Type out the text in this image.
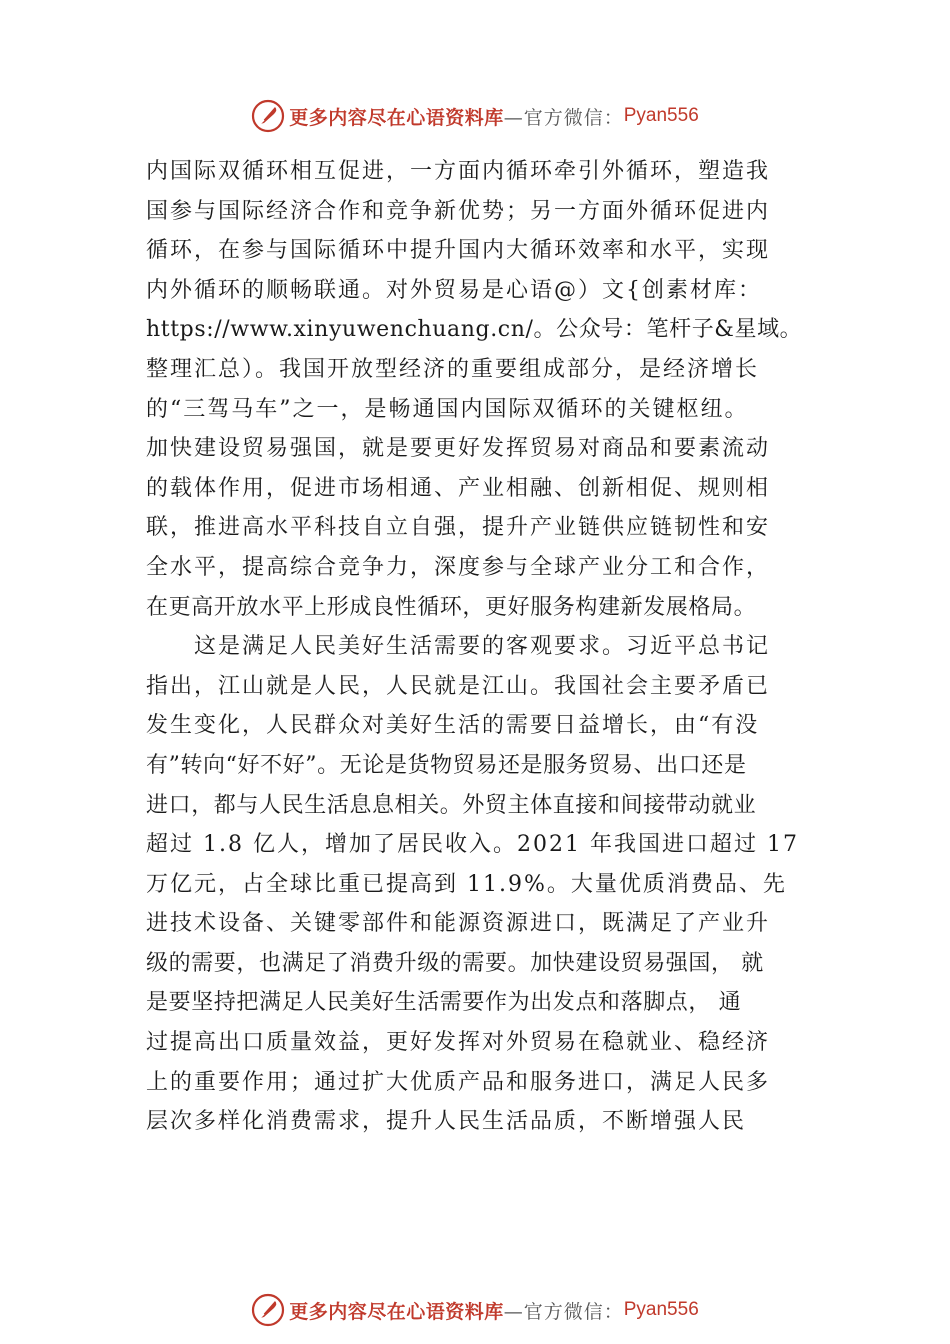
更多内容尽在心语资料库 —官方微信： Pyan556
内国际双循环相互促进，一方面内循环牵引外循环，塑造我
国参与国际经济合作和竞争新优势；另一方面外循环促进内
循环，在参与国际循环中提升国内大循环效率和水平，实现
内外循环的顺畅联通。对外贸易是心语@）文{创素材库：
https://www.xinyuwenchuang.cn/。公众号：笔杆子&星域。
整理汇总）。我国开放型经济的重要组成部分，是经济增长
的“三驾马车”之一，是畅通国内国际双循环的关键枢纽。
加快建设贸易强国，就是要更好发挥贸易对商品和要素流动
的载体作用，促进市场相通、产业相融、创新相促、规则相
联，推进高水平科技自立自强，提升产业链供应链韧性和安
全水平，提高综合竞争力，深度参与全球产业分工和合作，
在更高开放水平上形成良性循环，更好服务构建新发展格局。
这是满足人民美好生活需要的客观要求。习近平总书记
指出，江山就是人民，人民就是江山。我国社会主要矛盾已
发生变化，人民群众对美好生活的需要日益增长，由“有没
有”转向“好不好”。无论是货物贸易还是服务贸易、出口还是
进口，都与人民生活息息相关。外贸主体直接和间接带动就业
超过 1.8 亿人，增加了居民收入。2021 年我国进口超过 17
万亿元，占全球比重已提高到 11.9%。大量优质消费品、先
进技术设备、关键零部件和能源资源进口，既满足了产业升
级的需要，也满足了消费升级的需要。加快建设贸易强国， 就
是要坚持把满足人民美好生活需要作为出发点和落脚点， 通
过提高出口质量效益，更好发挥对外贸易在稳就业、稳经济
上的重要作用；通过扩大优质产品和服务进口，满足人民多
层次多样化消费需求，提升人民生活品质，不断增强人民
更多内容尽在心语资料库 —官方微信： Pyan556
